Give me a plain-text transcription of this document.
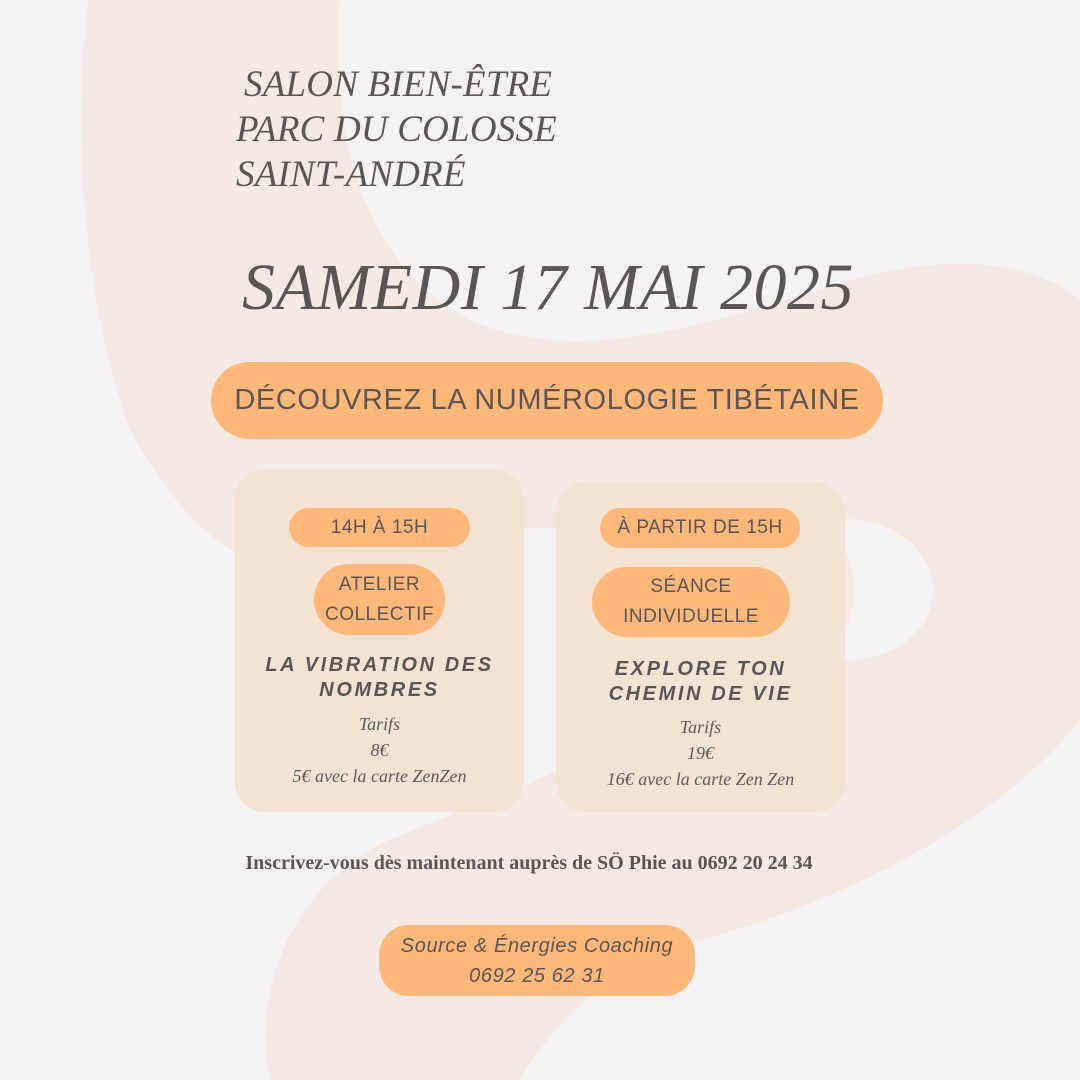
SALON BIEN-ÊTRE
PARC DU COLOSSE
SAINT-ANDRÉ
SAMEDI 17 MAI 2025
DÉCOUVREZ LA NUMÉROLOGIE TIBÉTAINE
14H À 15H
ATELIER
COLLECTIF
LA VIBRATION DES
NOMBRES
Tarifs
8€
5€ avec la carte ZenZen
À PARTIR DE 15H
SÉANCE
INDIVIDUELLE
EXPLORE TON
CHEMIN DE VIE
Tarifs
19€
16€ avec la carte Zen Zen
Inscrivez-vous dès maintenant auprès de SÖ Phie au 0692 20 24 34
Source & Énergies Coaching
0692 25 62 31
